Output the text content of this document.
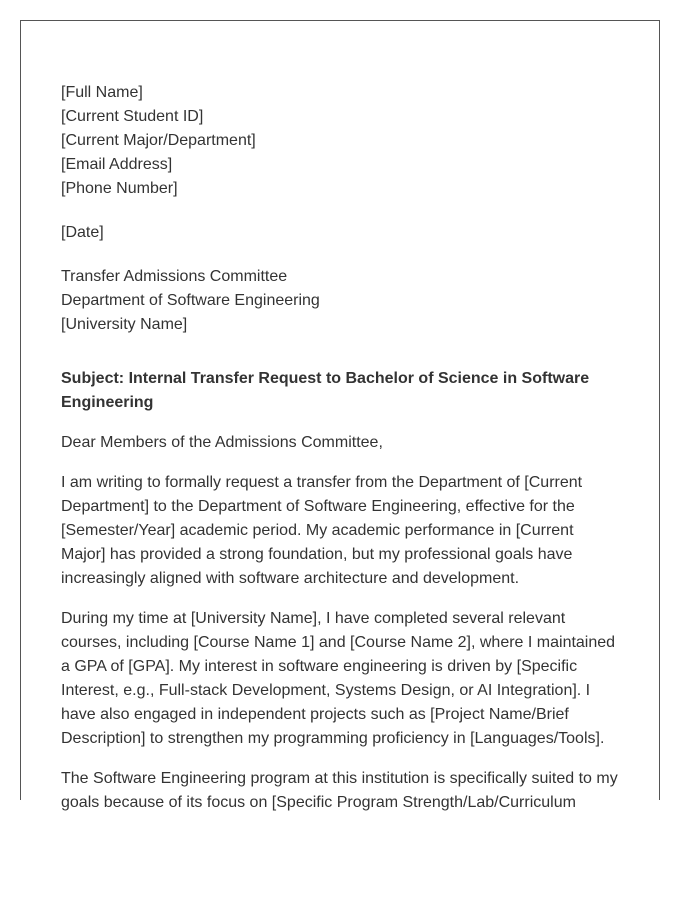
[Full Name]
[Current Student ID]
[Current Major/Department]
[Email Address]
[Phone Number]
[Date]
Transfer Admissions Committee
Department of Software Engineering
[University Name]
Subject: Internal Transfer Request to Bachelor of Science in Software Engineering
Dear Members of the Admissions Committee,

I am writing to formally request a transfer from the Department of [Current Department] to the Department of Software Engineering, effective for the [Semester/Year] academic period. My academic performance in [Current Major] has provided a strong foundation, but my professional goals have increasingly aligned with software architecture and development.

During my time at [University Name], I have completed several relevant courses, including [Course Name 1] and [Course Name 2], where I maintained a GPA of [GPA]. My interest in software engineering is driven by [Specific Interest, e.g., Full-stack Development, Systems Design, or AI Integration]. I have also engaged in independent projects such as [Project Name/Brief Description] to strengthen my programming proficiency in [Languages/Tools].

The Software Engineering program at this institution is specifically suited to my goals because of its focus on [Specific Program Strength/Lab/Curriculum
